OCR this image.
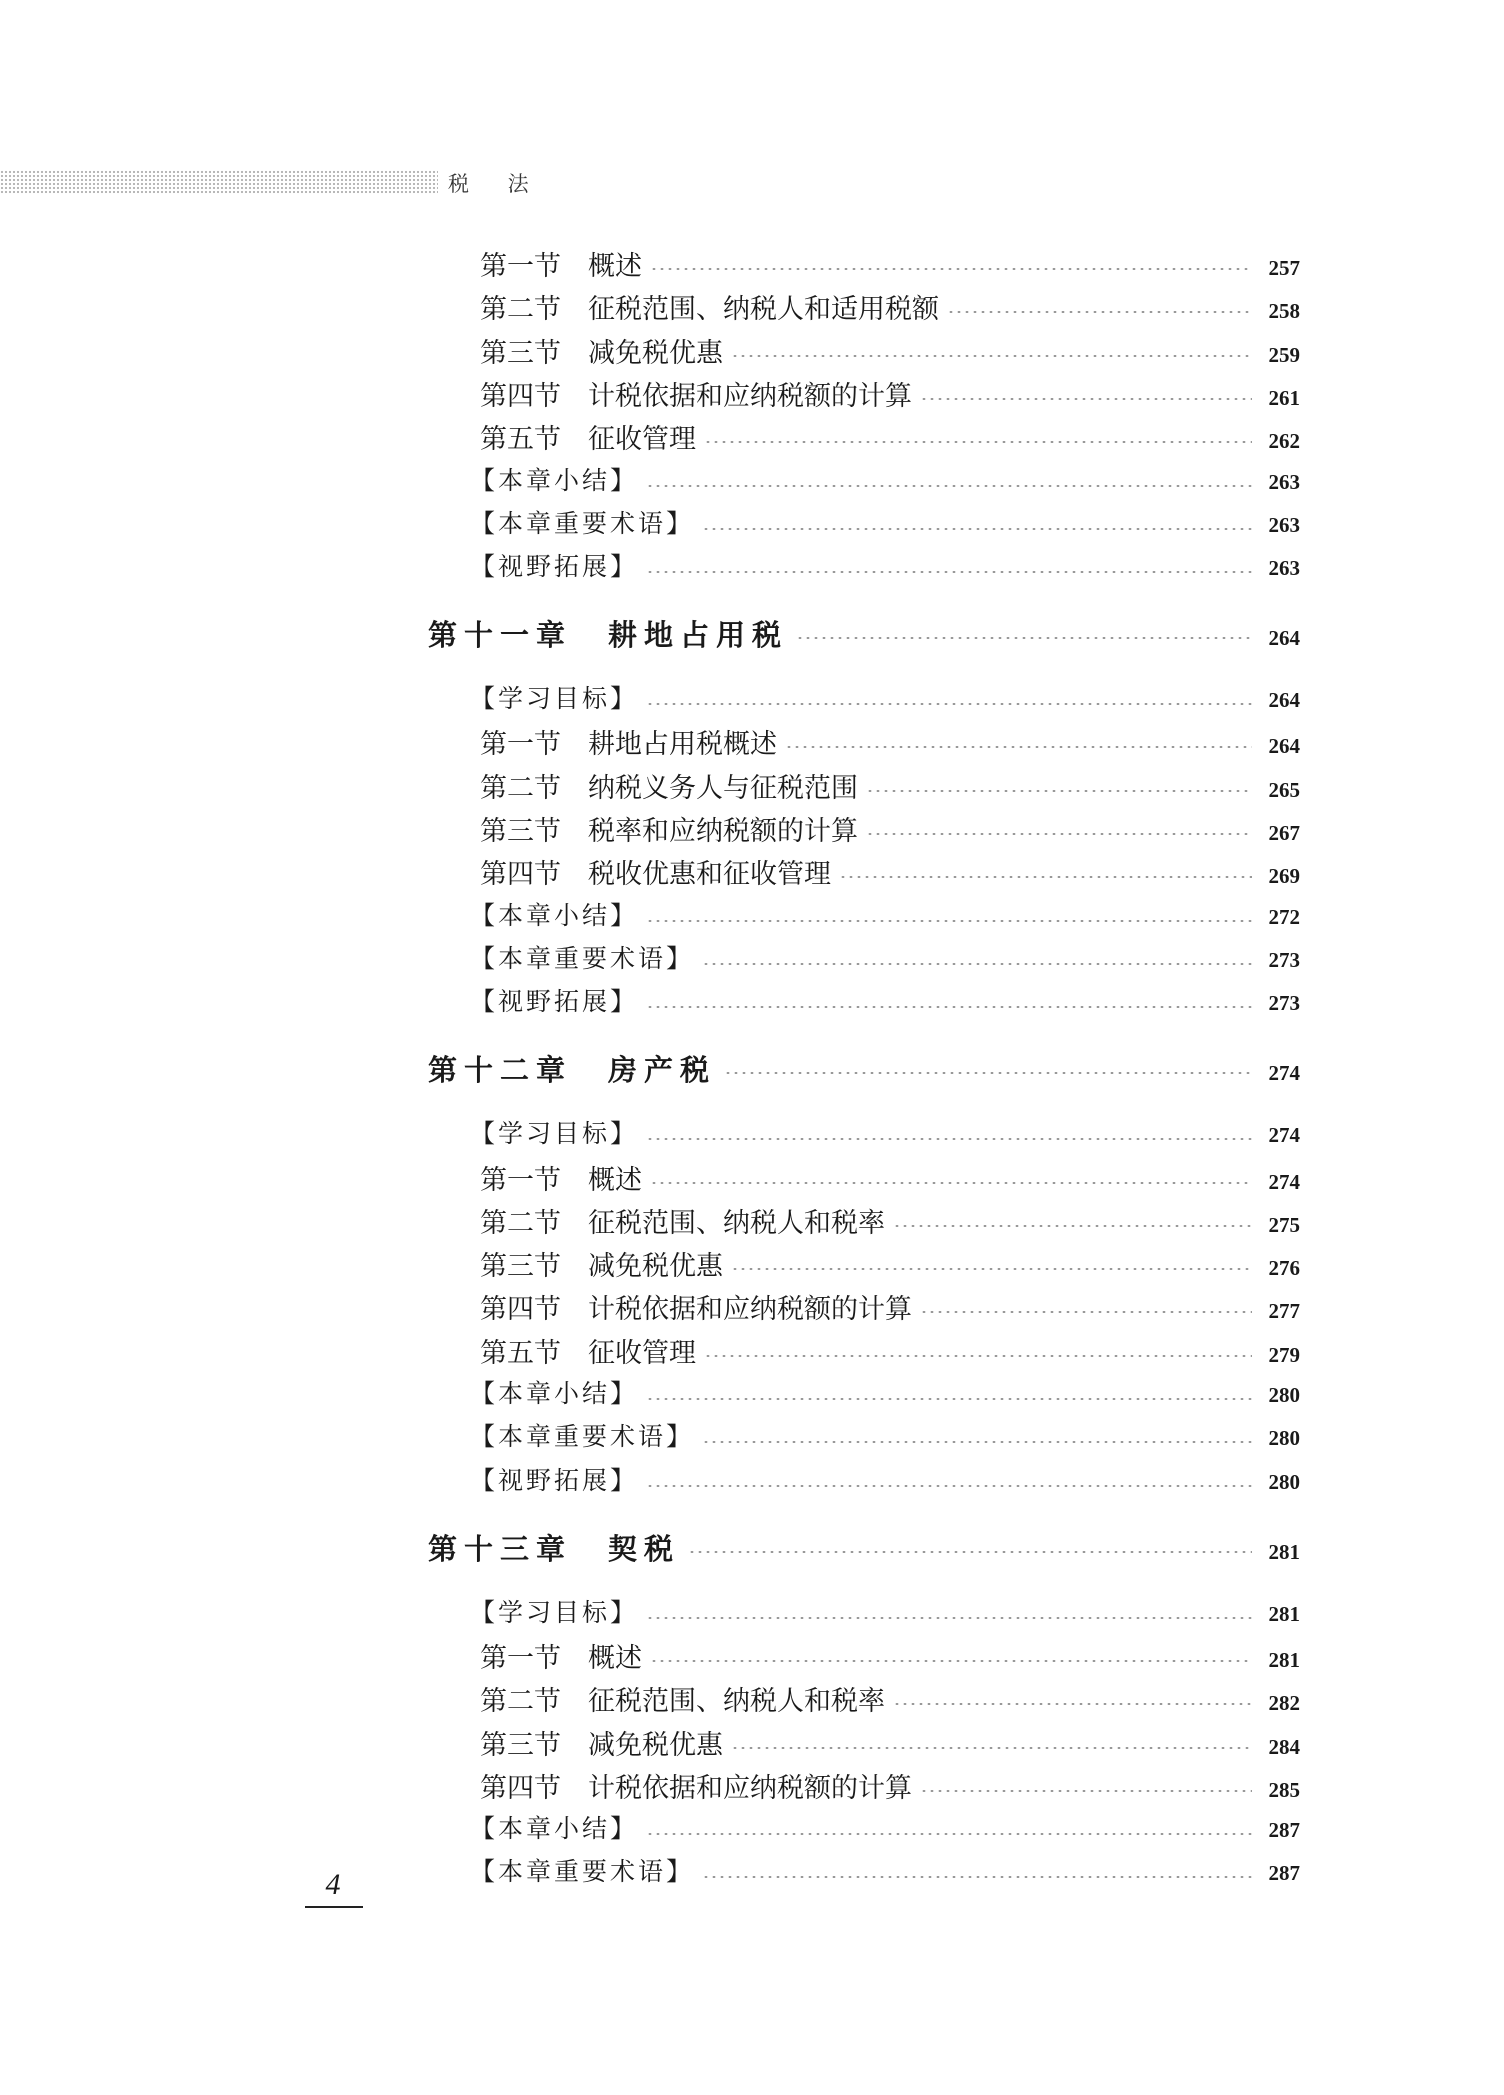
税 法
第一节　概述	257
第二节　征税范围、纳税人和适用税额	258
第三节　减免税优惠	259
第四节　计税依据和应纳税额的计算	261
第五节　征收管理	262
【本章小结】	263
【本章重要术语】	263
【视野拓展】	263
第十一章　耕地占用税	264
【学习目标】	264
第一节　耕地占用税概述	264
第二节　纳税义务人与征税范围	265
第三节　税率和应纳税额的计算	267
第四节　税收优惠和征收管理	269
【本章小结】	272
【本章重要术语】	273
【视野拓展】	273
第十二章　房产税	274
【学习目标】	274
第一节　概述	274
第二节　征税范围、纳税人和税率	275
第三节　减免税优惠	276
第四节　计税依据和应纳税额的计算	277
第五节　征收管理	279
【本章小结】	280
【本章重要术语】	280
【视野拓展】	280
第十三章　契税	281
【学习目标】	281
第一节　概述	281
第二节　征税范围、纳税人和税率	282
第三节　减免税优惠	284
第四节　计税依据和应纳税额的计算	285
【本章小结】	287
【本章重要术语】	287
4
